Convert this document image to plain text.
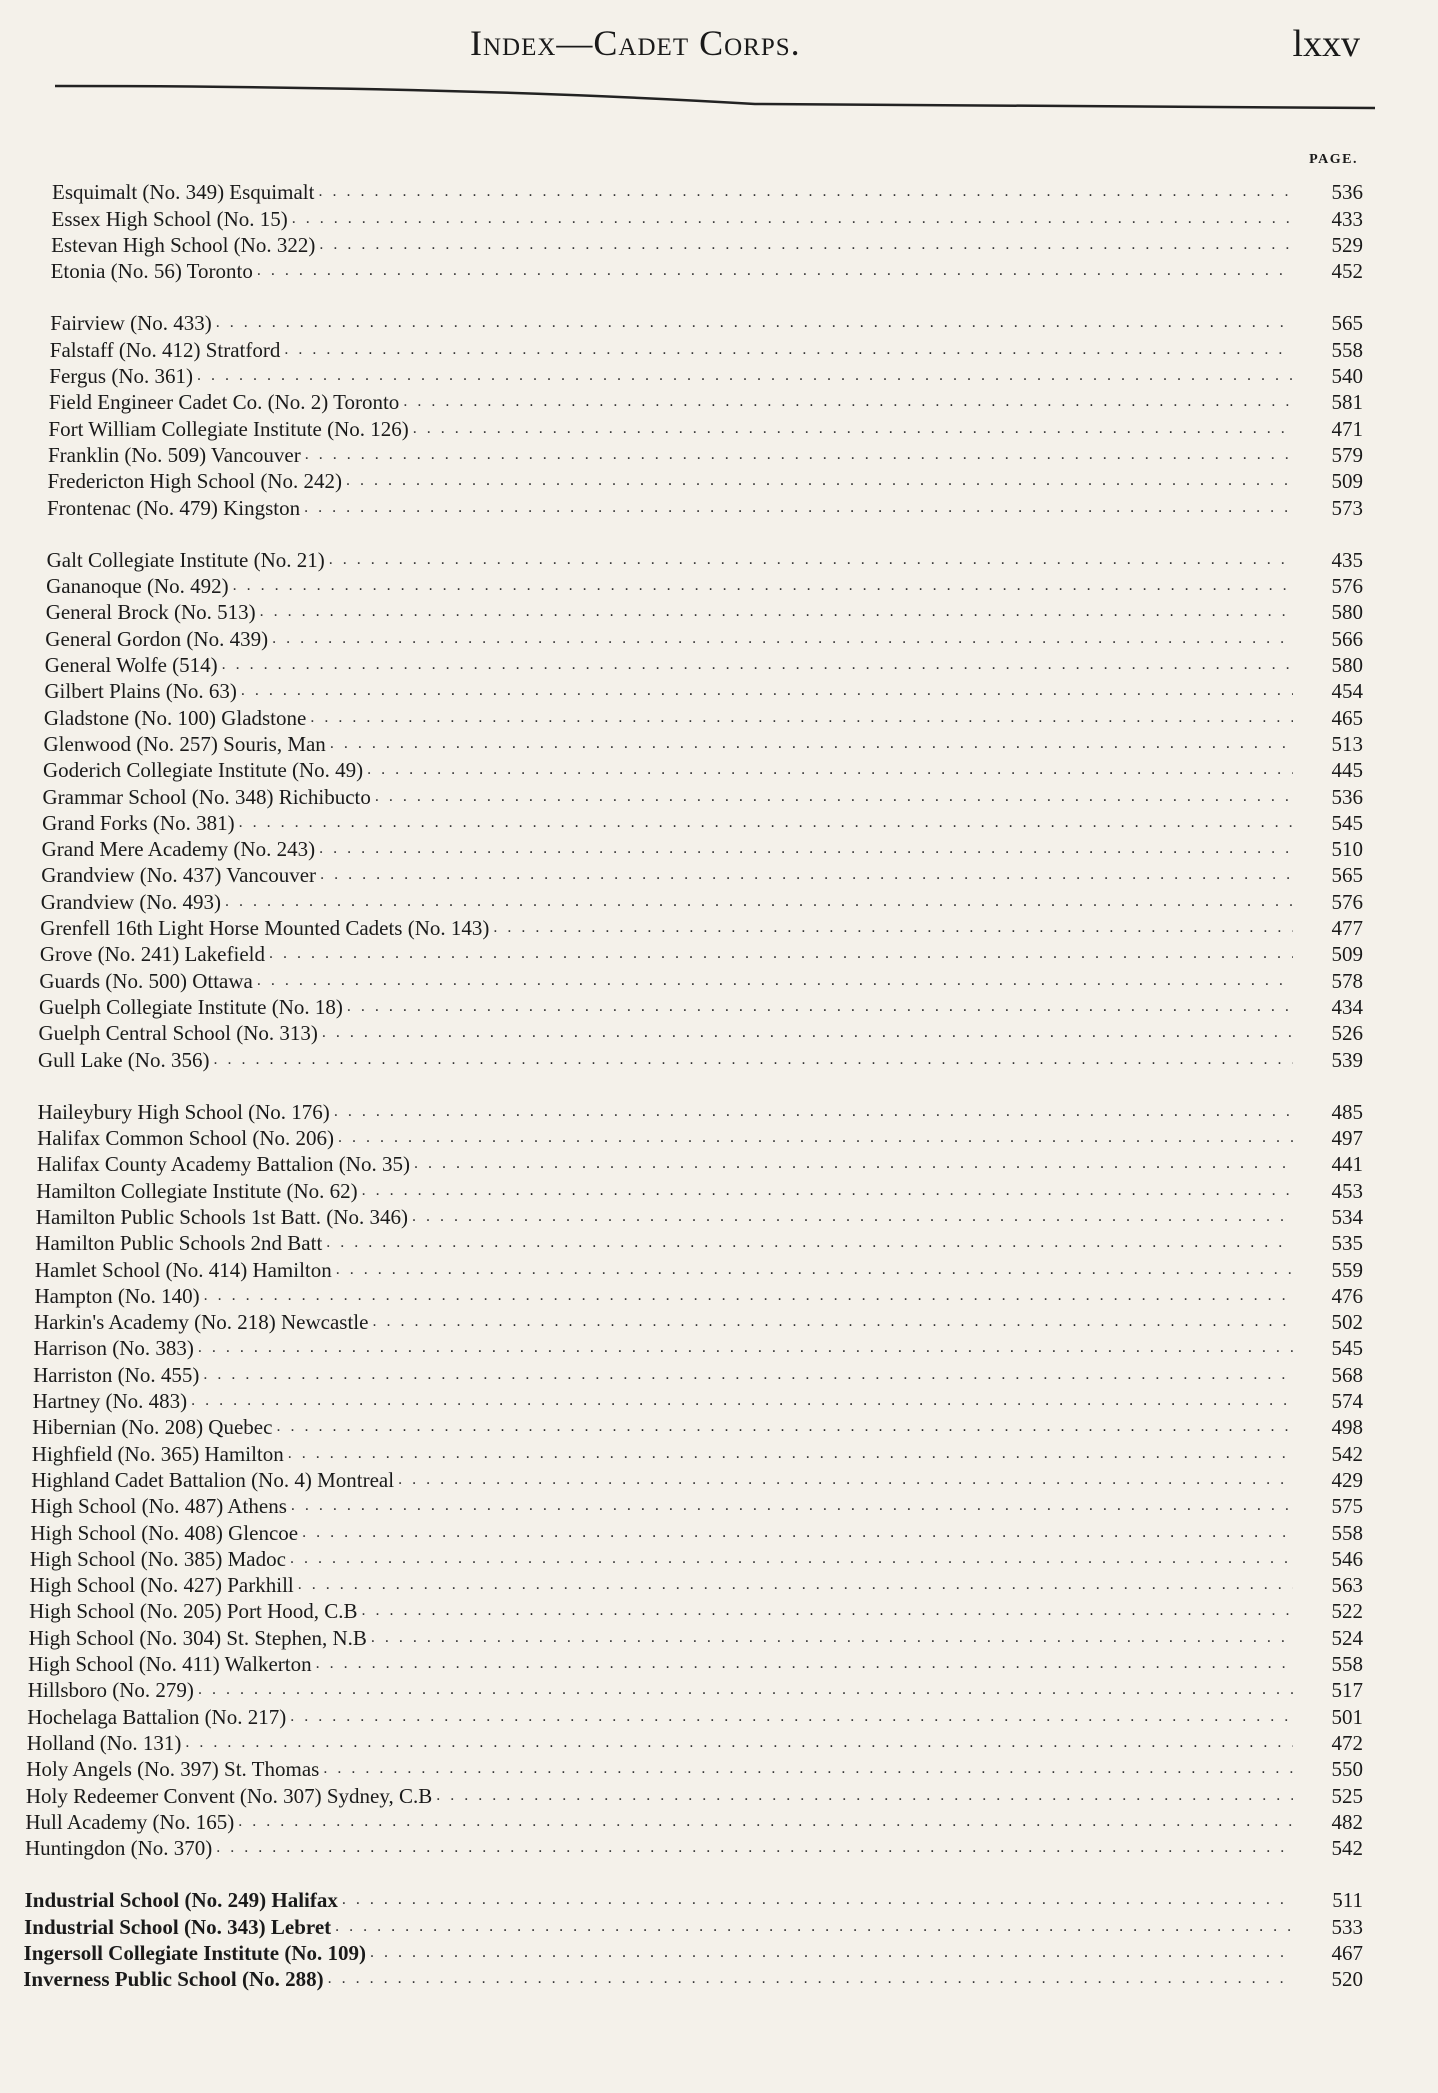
Index—Cadet Corps.	lxxv
PAGE.
Esquimalt (No. 349) Esquimalt . . .	536
Essex High School (No. 15) . . .	433
Estevan High School (No. 322) . . .	529
Etonia (No. 56) Toronto . . .	452
Fairview (No. 433) . . .	565
Falstaff (No. 412) Stratford . . .	558
Fergus (No. 361) . . .	540
Field Engineer Cadet Co. (No. 2) Toronto . . .	581
Fort William Collegiate Institute (No. 126) . . .	471
Franklin (No. 509) Vancouver . . .	579
Fredericton High School (No. 242) . . .	509
Frontenac (No. 479) Kingston . . .	573
Galt Collegiate Institute (No. 21) . . .	435
Gananoque (No. 492) . . .	576
General Brock (No. 513) . . .	580
General Gordon (No. 439) . . .	566
General Wolfe (514) . . .	580
Gilbert Plains (No. 63) . . .	454
Gladstone (No. 100) Gladstone . . .	465
Glenwood (No. 257) Souris, Man . . .	513
Goderich Collegiate Institute (No. 49) . . .	445
Grammar School (No. 348) Richibucto . . .	536
Grand Forks (No. 381) . . .	545
Grand Mere Academy (No. 243) . . .	510
Grandview (No. 437) Vancouver . . .	565
Grandview (No. 493) . . .	576
Grenfell 16th Light Horse Mounted Cadets (No. 143) . . .	477
Grove (No. 241) Lakefield . . .	509
Guards (No. 500) Ottawa . . .	578
Guelph Collegiate Institute (No. 18) . . .	434
Guelph Central School (No. 313) . . .	526
Gull Lake (No. 356) . . .	539
Haileybury High School (No. 176) . . .	485
Halifax Common School (No. 206) . . .	497
Halifax County Academy Battalion (No. 35) . . .	441
Hamilton Collegiate Institute (No. 62) . . .	453
Hamilton Public Schools 1st Batt. (No. 346) . . .	534
Hamilton Public Schools 2nd Batt . . .	535
Hamlet School (No. 414) Hamilton . . .	559
Hampton (No. 140) . . .	476
Harkin's Academy (No. 218) Newcastle . . .	502
Harrison (No. 383) . . .	545
Harriston (No. 455) . . .	568
Hartney (No. 483) . . .	574
Hibernian (No. 208) Quebec . . .	498
Highfield (No. 365) Hamilton . . .	542
Highland Cadet Battalion (No. 4) Montreal . . .	429
High School (No. 487) Athens . . .	575
High School (No. 408) Glencoe . . .	558
High School (No. 385) Madoc . . .	546
High School (No. 427) Parkhill . . .	563
High School (No. 205) Port Hood, C.B . . .	522
High School (No. 304) St. Stephen, N.B . . .	524
High School (No. 411) Walkerton . . .	558
Hillsboro (No. 279) . . .	517
Hochelaga Battalion (No. 217) . . .	501
Holland (No. 131) . . .	472
Holy Angels (No. 397) St. Thomas . . .	550
Holy Redeemer Convent (No. 307) Sydney, C.B . . .	525
Hull Academy (No. 165) . . .	482
Huntingdon (No. 370) . . .	542
Industrial School (No. 249) Halifax . . .	511
Industrial School (No. 343) Lebret . . .	533
Ingersoll Collegiate Institute (No. 109) . . .	467
Inverness Public School (No. 288) . . .	520
